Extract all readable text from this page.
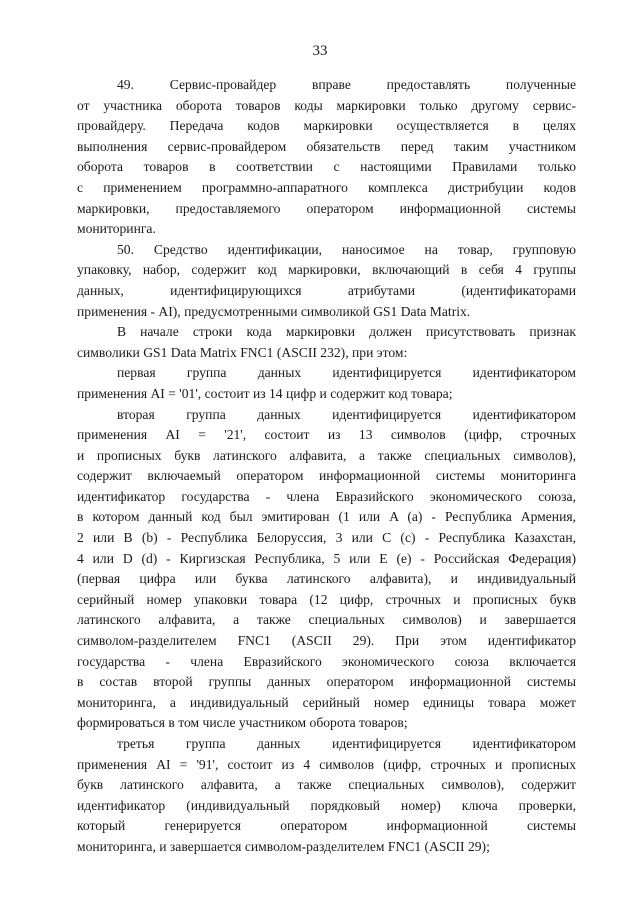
33
49. Сервис-провайдер вправе предоставлять полученные
от участника оборота товаров коды маркировки только другому сервис-
провайдеру. Передача кодов маркировки осуществляется в целях
выполнения сервис-провайдером обязательств перед таким участником
оборота товаров в соответствии с настоящими Правилами только
с применением программно-аппаратного комплекса дистрибуции кодов
маркировки, предоставляемого оператором информационной системы
мониторинга.
50. Средство идентификации, наносимое на товар, групповую
упаковку, набор, содержит код маркировки, включающий в себя 4 группы
данных, идентифицирующихся атрибутами (идентификаторами
применения - AI), предусмотренными символикой GS1 Data Matrix.
В начале строки кода маркировки должен присутствовать признак
символики GS1 Data Matrix FNC1 (ASCII 232), при этом:
первая группа данных идентифицируется идентификатором
применения AI = '01', состоит из 14 цифр и содержит код товара;
вторая группа данных идентифицируется идентификатором
применения AI = '21', состоит из 13 символов (цифр, строчных
и прописных букв латинского алфавита, а также специальных символов),
содержит включаемый оператором информационной системы мониторинга
идентификатор государства - члена Евразийского экономического союза,
в котором данный код был эмитирован (1 или A (a) - Республика Армения,
2 или B (b) - Республика Белоруссия, 3 или C (c) - Республика Казахстан,
4 или D (d) - Киргизская Республика, 5 или E (e) - Российская Федерация)
(первая цифра или буква латинского алфавита), и индивидуальный
серийный номер упаковки товара (12 цифр, строчных и прописных букв
латинского алфавита, а также специальных символов) и завершается
символом-разделителем FNC1 (ASCII 29). При этом идентификатор
государства - члена Евразийского экономического союза включается
в состав второй группы данных оператором информационной системы
мониторинга, а индивидуальный серийный номер единицы товара может
формироваться в том числе участником оборота товаров;
третья группа данных идентифицируется идентификатором
применения AI = '91', состоит из 4 символов (цифр, строчных и прописных
букв латинского алфавита, а также специальных символов), содержит
идентификатор (индивидуальный порядковый номер) ключа проверки,
который генерируется оператором информационной системы
мониторинга, и завершается символом-разделителем FNC1 (ASCII 29);
